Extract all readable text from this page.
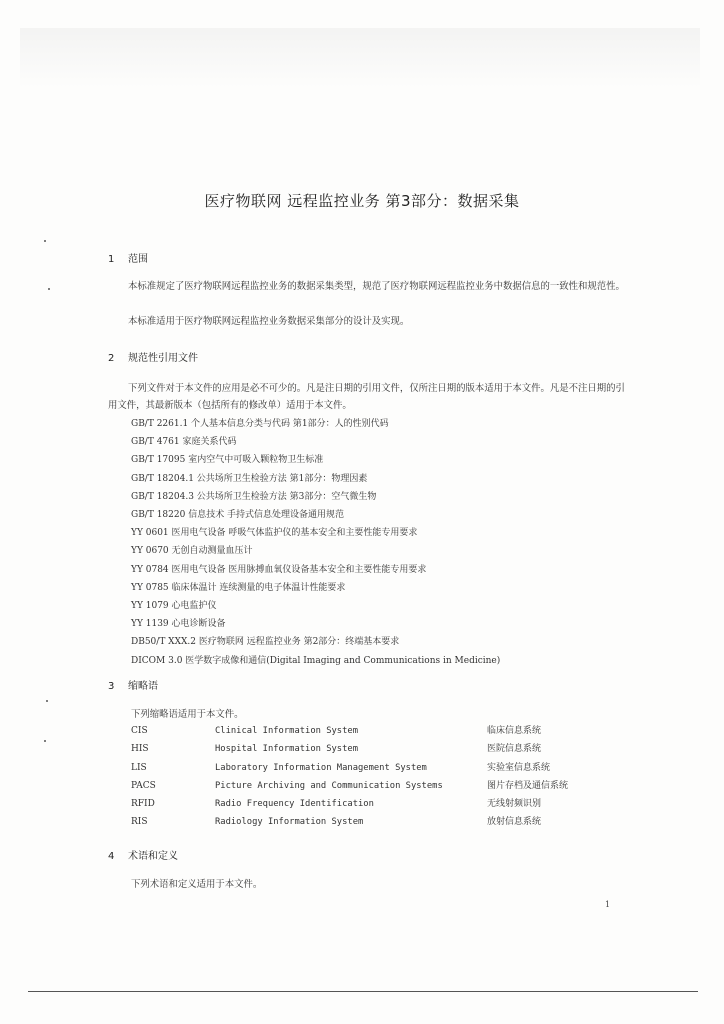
医疗物联网 远程监控业务 第3部分：数据采集
1 范围
本标准规定了医疗物联网远程监控业务的数据采集类型，规范了医疗物联网远程监控业务中数据信息的一致性和规范性。
本标准适用于医疗物联网远程监控业务数据采集部分的设计及实现。
2 规范性引用文件
下列文件对于本文件的应用是必不可少的。凡是注日期的引用文件，仅所注日期的版本适用于本文件。凡是不注日期的引用文件，其最新版本（包括所有的修改单）适用于本文件。
GB/T 2261.1 个人基本信息分类与代码 第1部分：人的性别代码
GB/T 4761 家庭关系代码
GB/T 17095 室内空气中可吸入颗粒物卫生标准
GB/T 18204.1 公共场所卫生检验方法 第1部分：物理因素
GB/T 18204.3 公共场所卫生检验方法 第3部分：空气微生物
GB/T 18220 信息技术 手持式信息处理设备通用规范
YY 0601 医用电气设备 呼吸气体监护仪的基本安全和主要性能专用要求
YY 0670 无创自动测量血压计
YY 0784 医用电气设备 医用脉搏血氧仪设备基本安全和主要性能专用要求
YY 0785 临床体温计 连续测量的电子体温计性能要求
YY 1079 心电监护仪
YY 1139 心电诊断设备
DB50/T XXX.2 医疗物联网 远程监控业务 第2部分：终端基本要求
DICOM 3.0 医学数字成像和通信(Digital Imaging and Communications in Medicine)
3 缩略语
下列缩略语适用于本文件。
CIS	Clinical Information System	临床信息系统
HIS	Hospital Information System	医院信息系统
LIS	Laboratory Information Management System	实验室信息系统
PACS	Picture Archiving and Communication Systems	图片存档及通信系统
RFID	Radio Frequency Identification	无线射频识别
RIS	Radiology Information System	放射信息系统
4 术语和定义
下列术语和定义适用于本文件。
1
